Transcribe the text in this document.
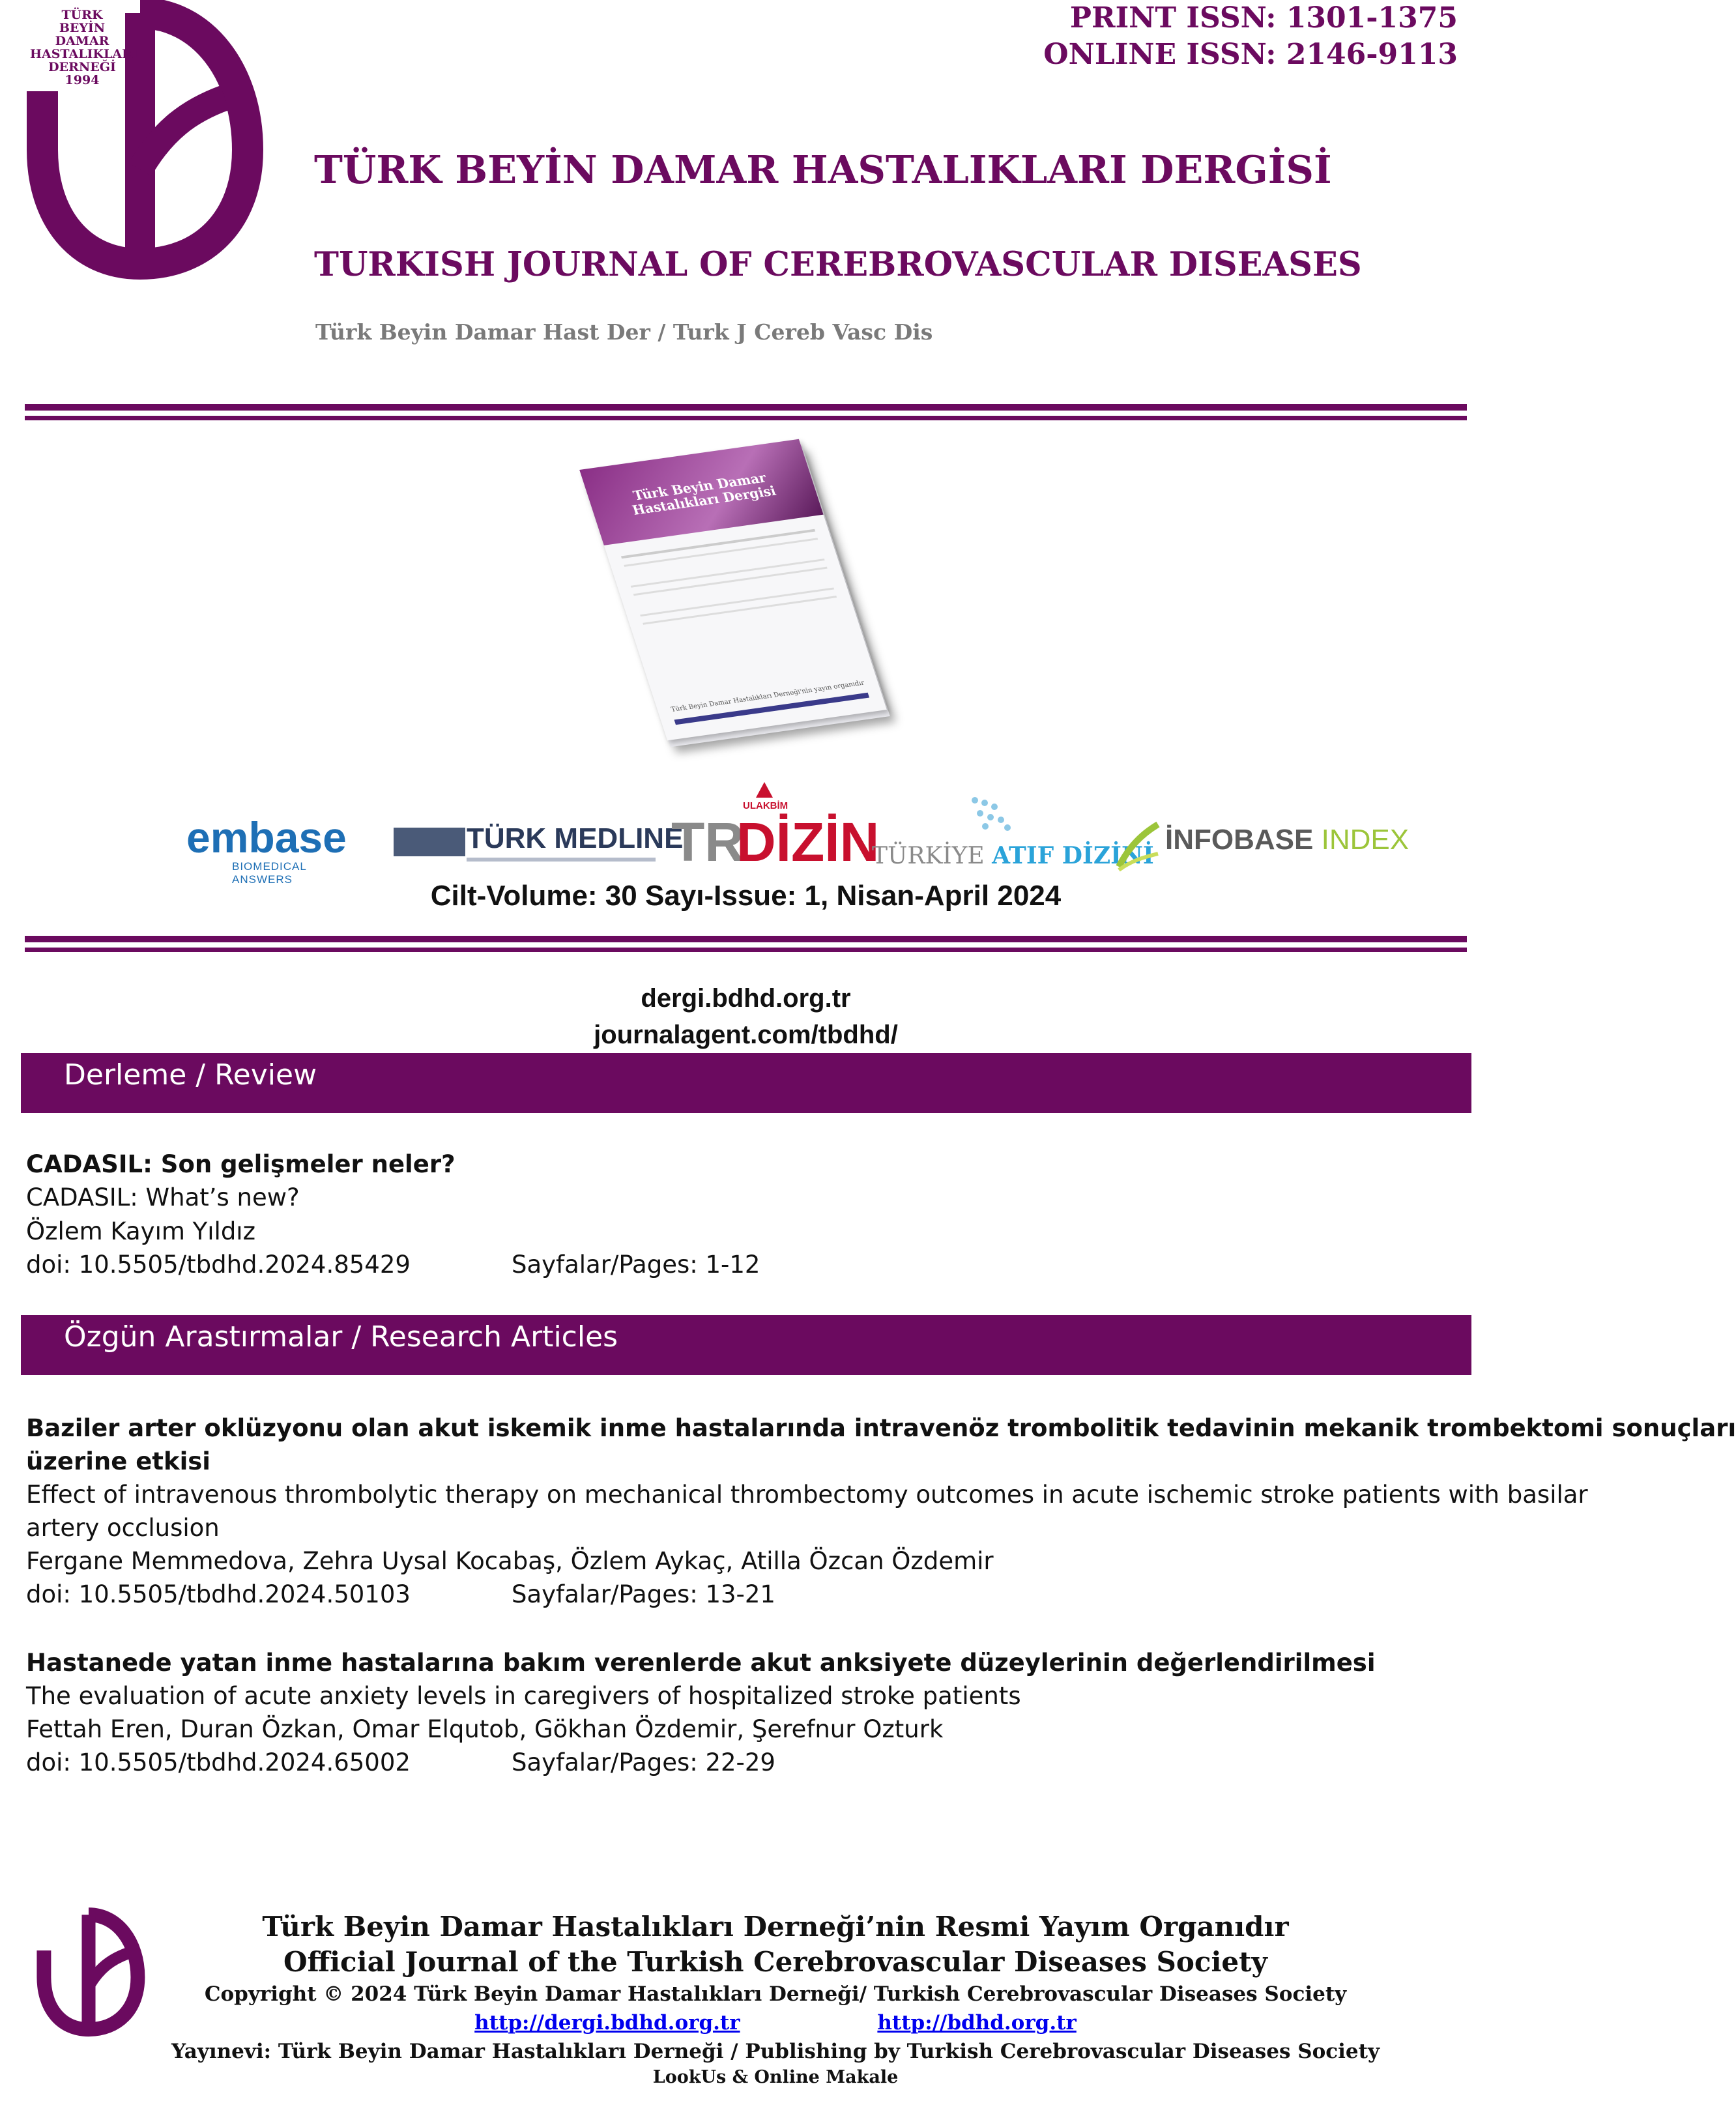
TÜRK
BEYİN
DAMAR
HASTALIKLARI
DERNEĞİ
1994
PRINT ISSN: 1301-1375
ONLINE ISSN: 2146-9113
TÜRK BEYİN DAMAR HASTALIKLARI DERGİSİ
TURKISH JOURNAL OF CEREBROVASCULAR DISEASES
Türk Beyin Damar Hast Der / Turk J Cereb Vasc Dis
Türk Beyin Damar Hastalıkları Dergisi
Türk Beyin Damar Hastalıkları Derneği'nin yayın organıdır
embase
BIOMEDICAL ANSWERS
TÜRK MEDLINE
ULAKBİM
TR
DİZİN
TÜRKİYE ATIF DİZİNİ İNFOBASE INDEX
Cilt-Volume: 30 Sayı-Issue: 1, Nisan-April 2024
dergi.bdhd.org.tr
journalagent.com/tbdhd/
Derleme / Review
CADASIL: Son gelişmeler neler?
CADASIL: What’s new?
Özlem Kayım Yıldız
doi: 10.5505/tbdhd.2024.85429	Sayfalar/Pages: 1-12
Özgün Arastırmalar / Research Articles
Baziler arter oklüzyonu olan akut iskemik inme hastalarında intravenöz trombolitik tedavinin mekanik trombektomi sonuçları
üzerine etkisi
Effect of intravenous thrombolytic therapy on mechanical thrombectomy outcomes in acute ischemic stroke patients with basilar
artery occlusion
Fergane Memmedova, Zehra Uysal Kocabaş, Özlem Aykaç, Atilla Özcan Özdemir
doi: 10.5505/tbdhd.2024.50103	Sayfalar/Pages: 13-21
Hastanede yatan inme hastalarına bakım verenlerde akut anksiyete düzeylerinin değerlendirilmesi
The evaluation of acute anxiety levels in caregivers of hospitalized stroke patients
Fettah Eren, Duran Özkan, Omar Elqutob, Gökhan Özdemir, Şerefnur Ozturk
doi: 10.5505/tbdhd.2024.65002	Sayfalar/Pages: 22-29
Türk Beyin Damar Hastalıkları Derneği’nin Resmi Yayım Organıdır
Official Journal of the Turkish Cerebrovascular Diseases Society
Copyright © 2024 Türk Beyin Damar Hastalıkları Derneği/ Turkish Cerebrovascular Diseases Society
http://dergi.bdhd.org.tr	http://bdhd.org.tr
Yayınevi: Türk Beyin Damar Hastalıkları Derneği / Publishing by Turkish Cerebrovascular Diseases Society
LookUs & Online Makale
